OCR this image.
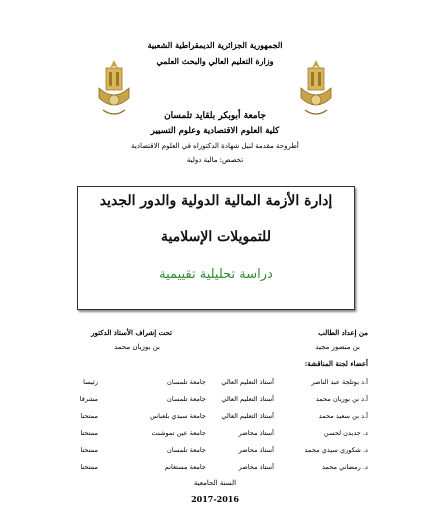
الجمهورية الجزائرية الديمقراطية الشعبية
وزارة التعليم العالي والبحث العلمي
جامعة أبوبكر بلقايد تلمسان
كلية العلوم الاقتصادية وعلوم التسيير
أطروحة مقدمة لنيل شهادة الدكتوراه في العلوم الاقتصادية
تخصص: مالية دولية
إدارة الأزمة المالية الدولية والدور الجديد
للتمويلات الإسلامية
دراسة تحليلية تقييمية
من إعداد الطالب
تحت إشراف الأستاذ الدكتور
بن منصور مجيد
بن بوزيان محمد
أعضاء لجنة المناقشة:
أ.د بوتلجة عبد الناصر
أستاذ التعليم العالي
جامعة تلمسان
رئيسا
أ.د بن بوزيان محمد
أستاذ التعليم العالي
جامعة تلمسان
مشرفا
أ.د بن سعيد محمد
أستاذ التعليم العالي
جامعة سيدي بلعباس
ممتحنا
د. جديدن لحسن
أستاذ محاضر
جامعة عين تموشنت
ممتحنا
د. شكوري سيدي محمد
أستاذ محاضر
جامعة تلمسان
ممتحنا
د. رمضاني محمد
أستاذ محاضر
جامعة مستغانم
ممتحنا
السنة الجامعية
2017-2016
